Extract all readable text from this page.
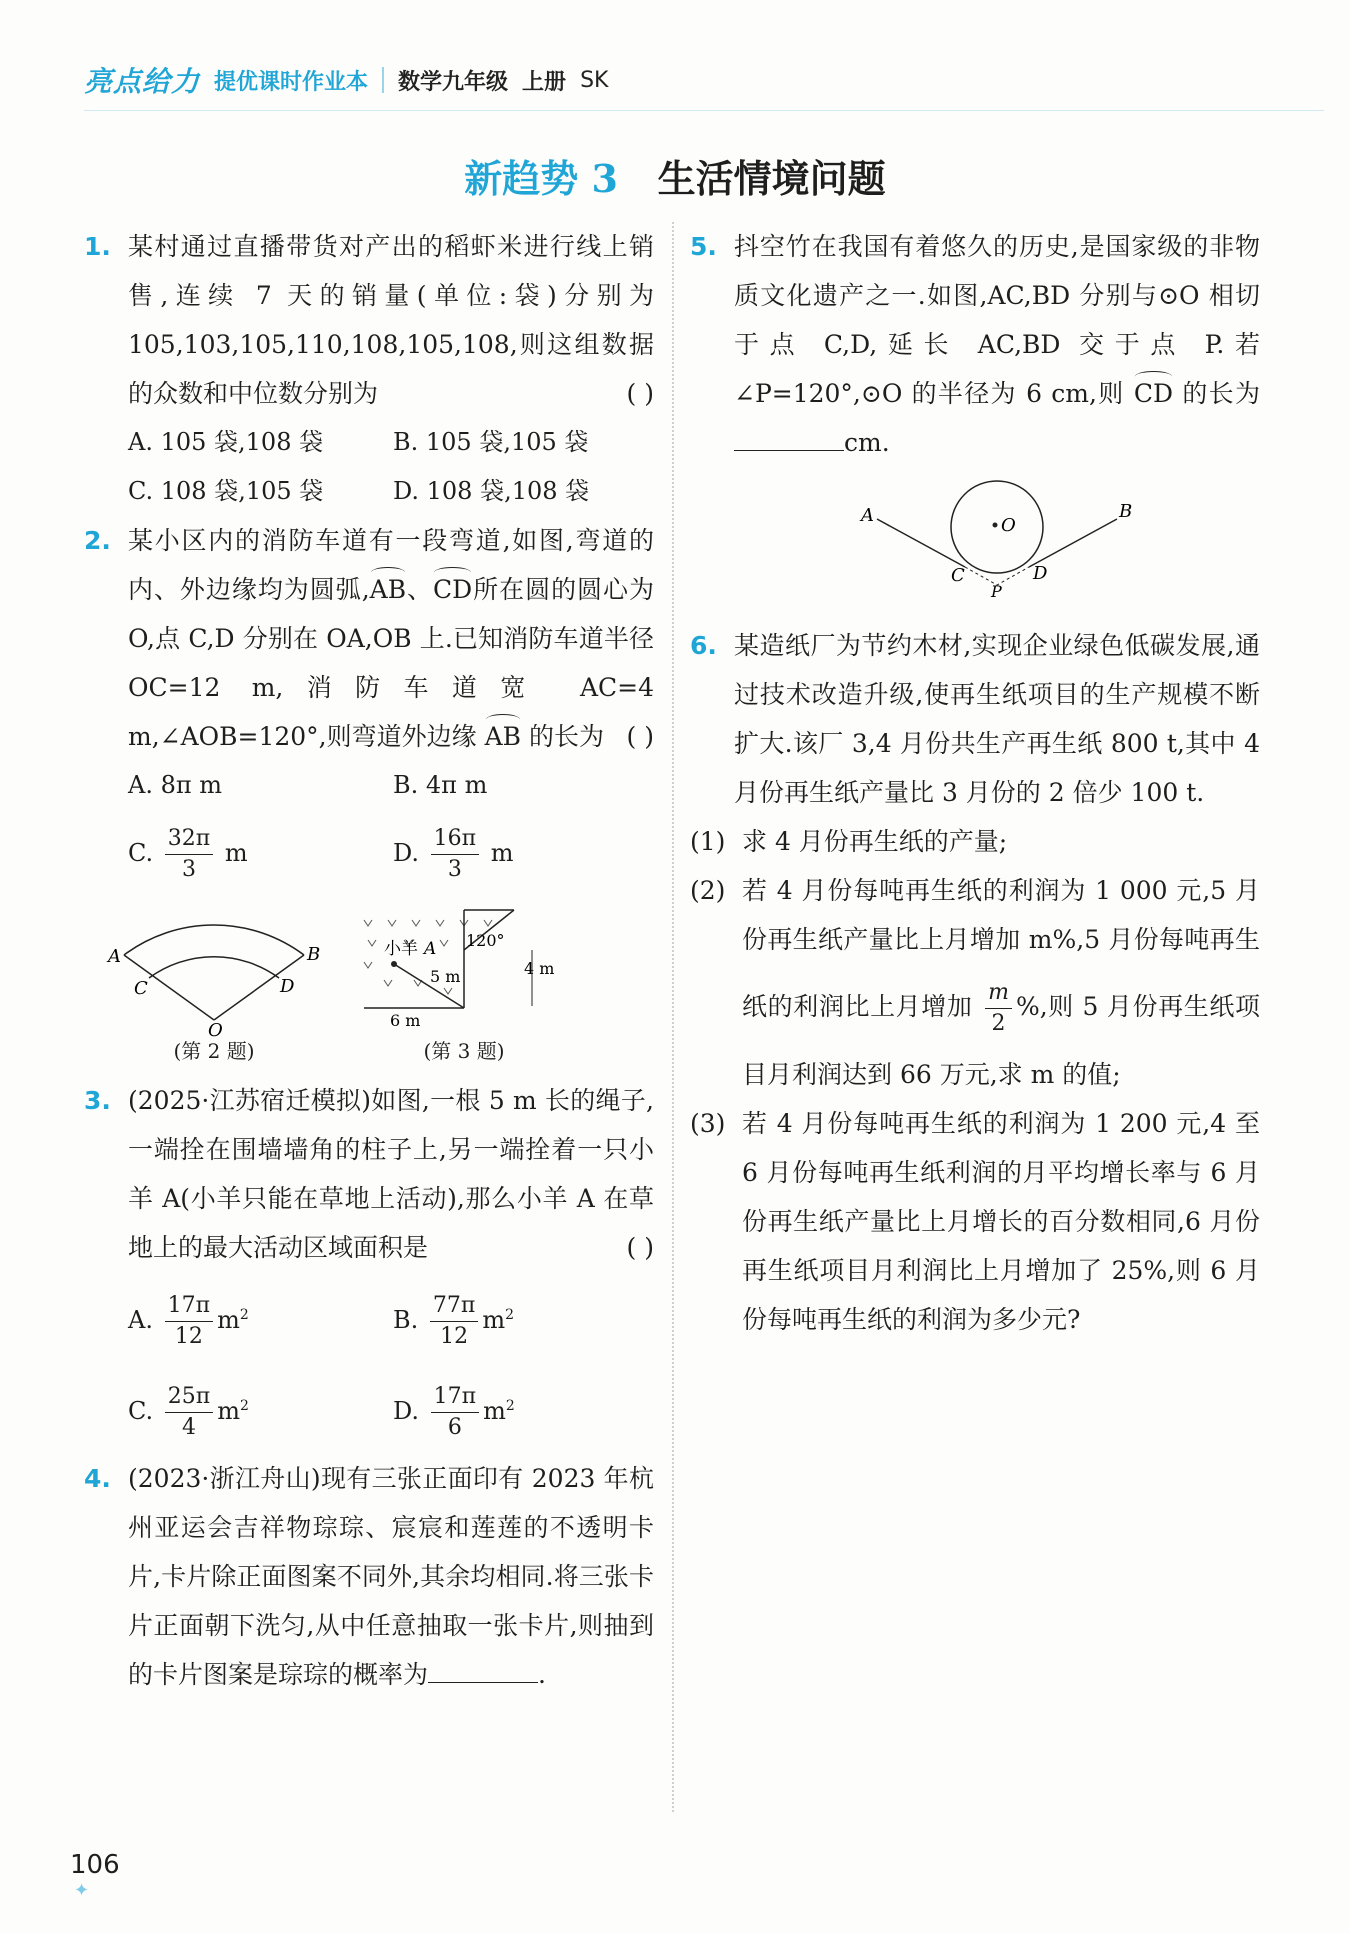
亮点给力 提优课时作业本 数学九年级 上册 SK
新趋势 3 生活情境问题
1. 某村通过直播带货对产出的稻虾米进行线上销售,连续 7 天的销量(单位:袋)分别为 105,103,105,110,108,105,108,则这组数据的众数和中位数分别为	( )
A. 105 袋,108 袋	B. 105 袋,105 袋
C. 108 袋,105 袋	D. 108 袋,108 袋
2. 某小区内的消防车道有一段弯道,如图,弯道的内、外边缘均为圆弧,AB、CD所在圆的圆心为O,点 C,D 分别在 OA,OB 上.已知消防车道半径 OC=12 m,消防车道宽 AC=4 m,∠AOB=120°,则弯道外边缘 AB 的长为 ( )
A. 8π m	B. 4π m
C. $\frac{32\pi}{3}$ m	D. $\frac{16\pi}{3}$ m
A	B
C	D
O
(第 2 题)
小羊 A 120°
5 m	4 m
6 m
(第 3 题)
3. (2025·江苏宿迁模拟)如图,一根 5 m 长的绳子,一端拴在围墙墙角的柱子上,另一端拴着一只小羊 A(小羊只能在草地上活动),那么小羊 A 在草地上的最大活动区域面积是	( )
A. $\frac{17\pi}{12} m^2$	B. $\frac{77\pi}{12} m^2$
C. $\frac{25\pi}{4} m^2$	D. $\frac{17\pi}{6} m^2$
4. (2023·浙江舟山)现有三张正面印有 2023 年杭州亚运会吉祥物琮琮、宸宸和莲莲的不透明卡片,卡片除正面图案不同外,其余均相同.将三张卡片正面朝下洗匀,从中任意抽取一张卡片,则抽到的卡片图案是琮琮的概率为	.
5. 抖空竹在我国有着悠久的历史,是国家级的非物质文化遗产之一.如图,AC,BD 分别与⊙O 相切于点 C,D,延长 AC,BD 交于点 P.若∠P=120°,⊙O 的半径为 6 cm,则 CD 的长为cm.
A	B
C	D
O
P
6. 某造纸厂为节约木材,实现企业绿色低碳发展,通过技术改造升级,使再生纸项目的生产规模不断扩大.该厂 3,4 月份共生产再生纸 800 t,其中 4 月份再生纸产量比 3 月份的 2 倍少 100 t.
(1) 求 4 月份再生纸的产量;
(2) 若 4 月份每吨再生纸的利润为 1 000 元,5 月份再生纸产量比上月增加 m%,5 月份每吨再生纸的利润比上月增加 $\frac{m}{2}$ %,则 5 月份再生纸项目月利润达到 66 万元,求 m 的值;
(3) 若 4 月份每吨再生纸的利润为 1 200 元,4 至 6 月份每吨再生纸利润的月平均增长率与 6 月份再生纸产量比上月增长的百分数相同,6 月份再生纸项目月利润比上月增加了 25%,则 6 月份每吨再生纸的利润为多少元?
106
✦
